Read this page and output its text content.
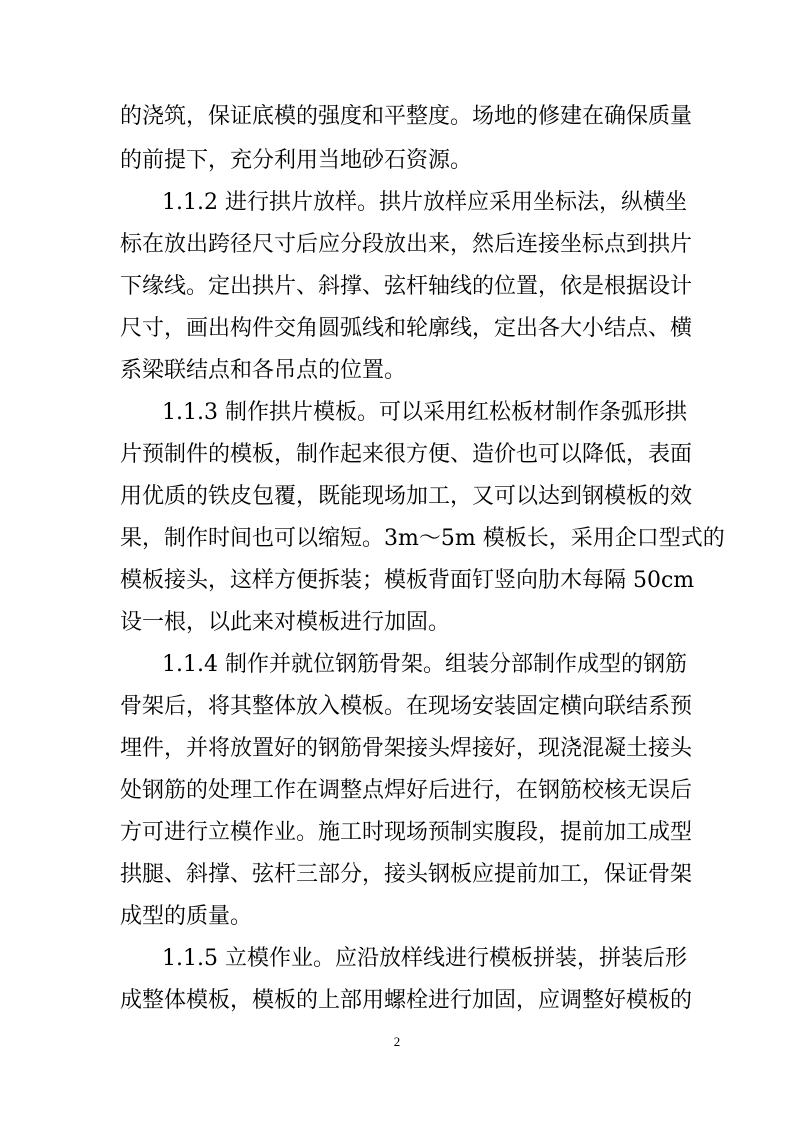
的浇筑，保证底模的强度和平整度。场地的修建在确保质量
的前提下，充分利用当地砂石资源。
1.1.2 进行拱片放样。拱片放样应采用坐标法，纵横坐
标在放出跨径尺寸后应分段放出来，然后连接坐标点到拱片
下缘线。定出拱片、斜撑、弦杆轴线的位置，依是根据设计
尺寸，画出构件交角圆弧线和轮廓线，定出各大小结点、横
系梁联结点和各吊点的位置。
1.1.3 制作拱片模板。可以采用红松板材制作条弧形拱
片预制件的模板，制作起来很方便、造价也可以降低，表面
用优质的铁皮包覆，既能现场加工，又可以达到钢模板的效
果，制作时间也可以缩短。3m～5m 模板长，采用企口型式的
模板接头，这样方便拆装；模板背面钉竖向肋木每隔 50cm
设一根，以此来对模板进行加固。
1.1.4 制作并就位钢筋骨架。组装分部制作成型的钢筋
骨架后，将其整体放入模板。在现场安装固定横向联结系预
埋件，并将放置好的钢筋骨架接头焊接好，现浇混凝土接头
处钢筋的处理工作在调整点焊好后进行，在钢筋校核无误后
方可进行立模作业。施工时现场预制实腹段，提前加工成型
拱腿、斜撑、弦杆三部分，接头钢板应提前加工，保证骨架
成型的质量。
1.1.5 立模作业。应沿放样线进行模板拼装，拼装后形
成整体模板，模板的上部用螺栓进行加固，应调整好模板的
2
